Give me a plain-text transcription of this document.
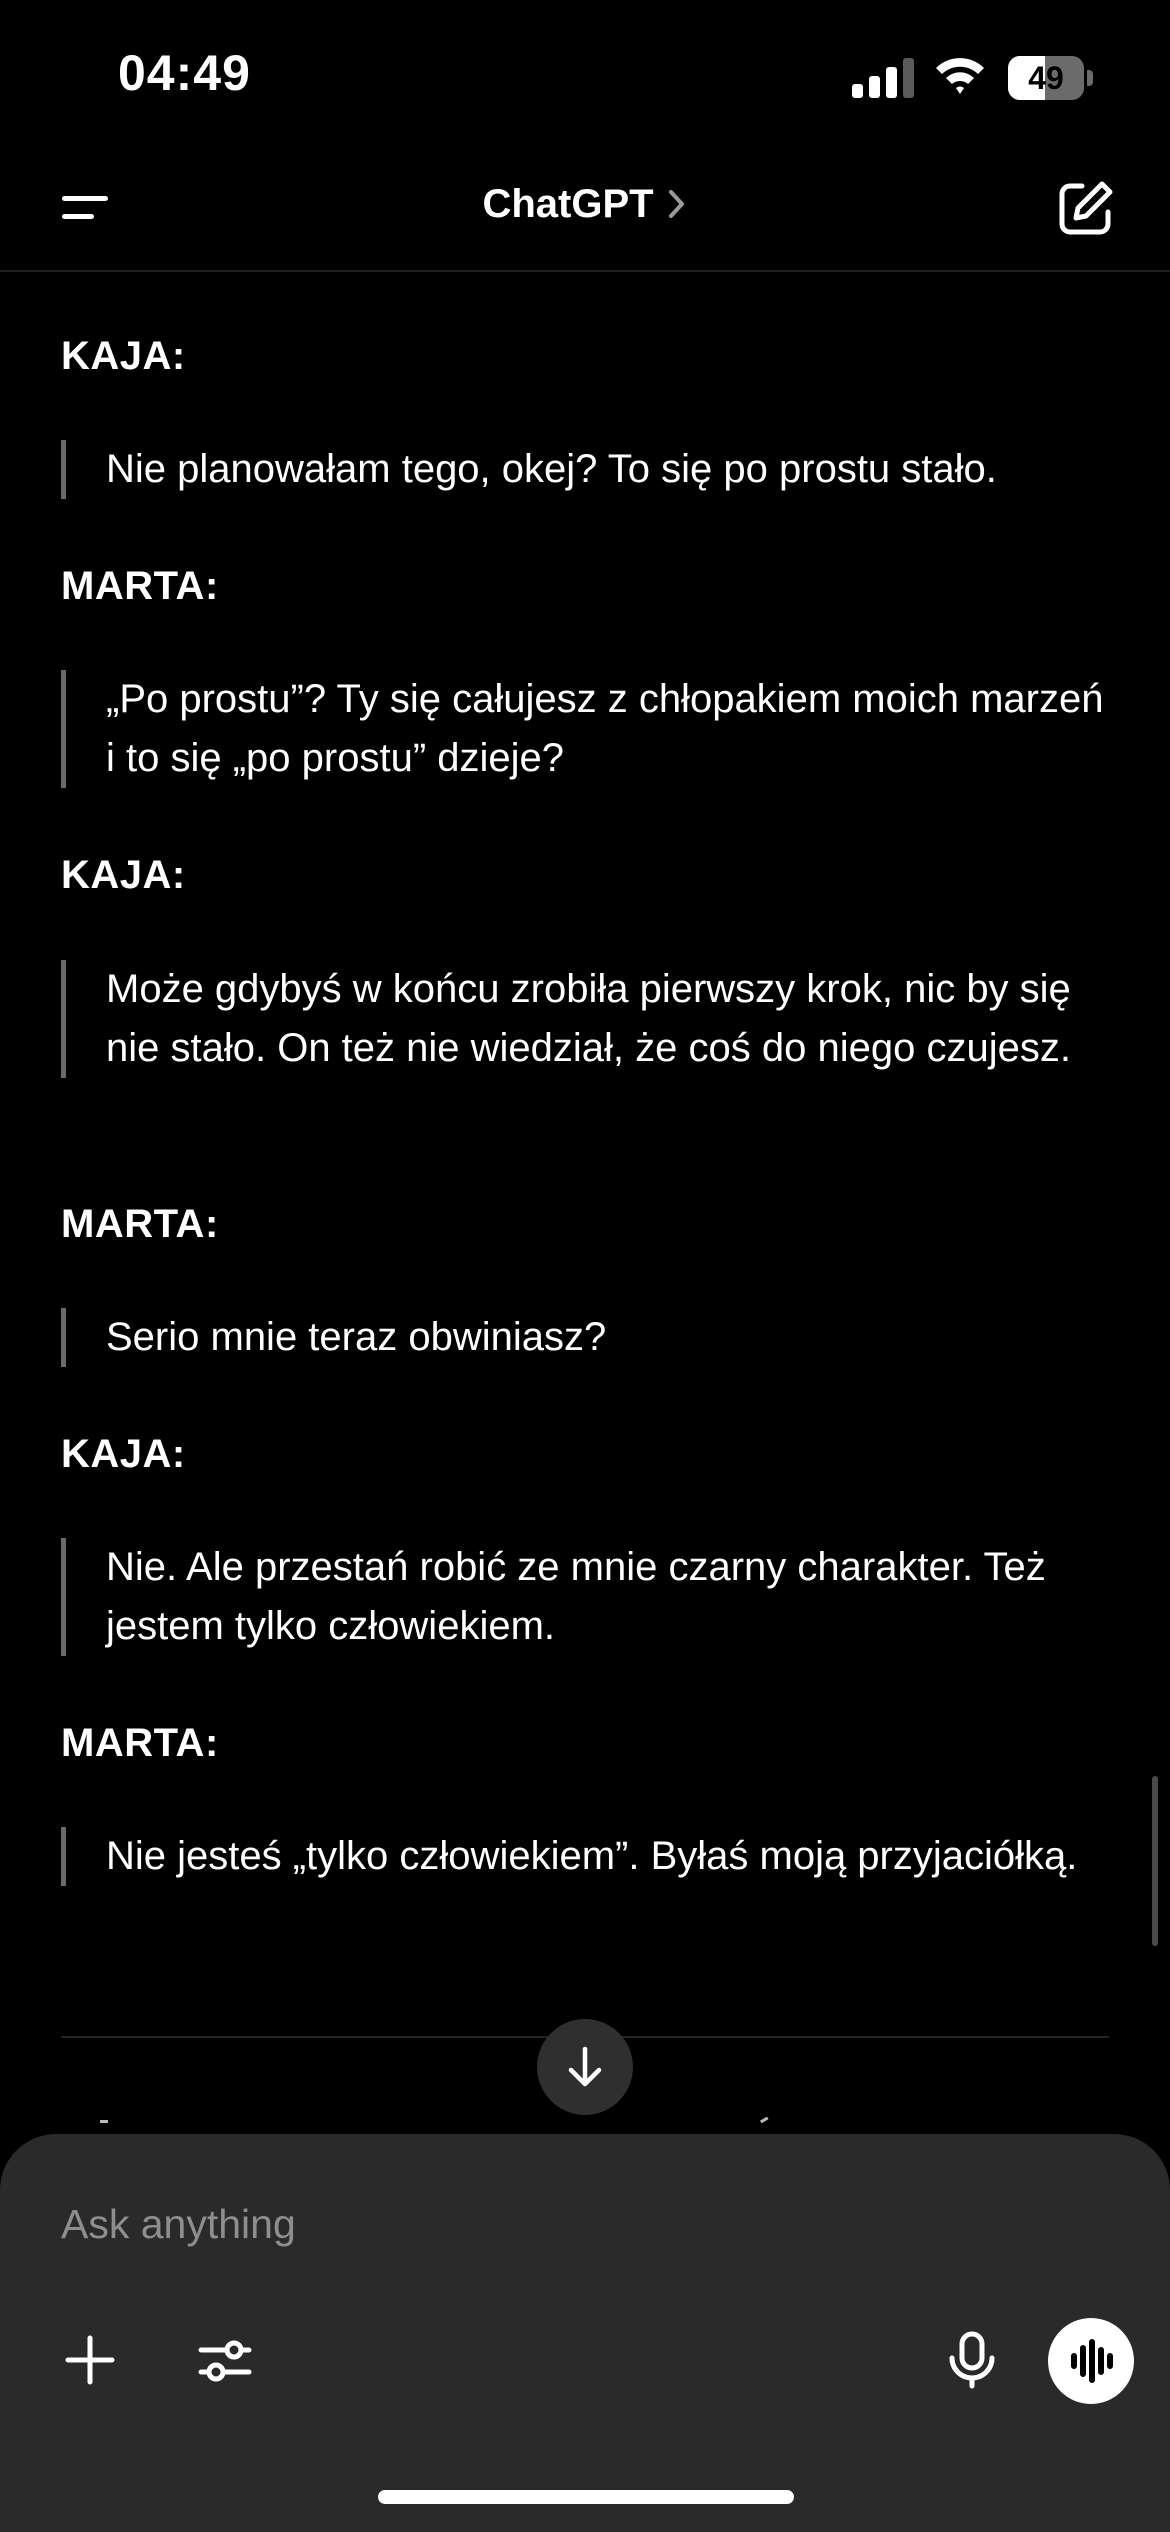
04:49	49
ChatGPT
KAJA:
Nie planowałam tego, okej? To się po prostu stało.
MARTA:
„Po prostu”? Ty się całujesz z chłopakiem moich marzeń i to się „po prostu” dzieje?
KAJA:
Może gdybyś w końcu zrobiła pierwszy krok, nic by się nie stało. On też nie wiedział, że coś do niego czujesz.
MARTA:
Serio mnie teraz obwiniasz?
KAJA:
Nie. Ale przestań robić ze mnie czarny charakter. Też jestem tylko człowiekiem.
MARTA:
Nie jesteś „tylko człowiekiem”. Byłaś moją przyjaciółką.
Ask anything
